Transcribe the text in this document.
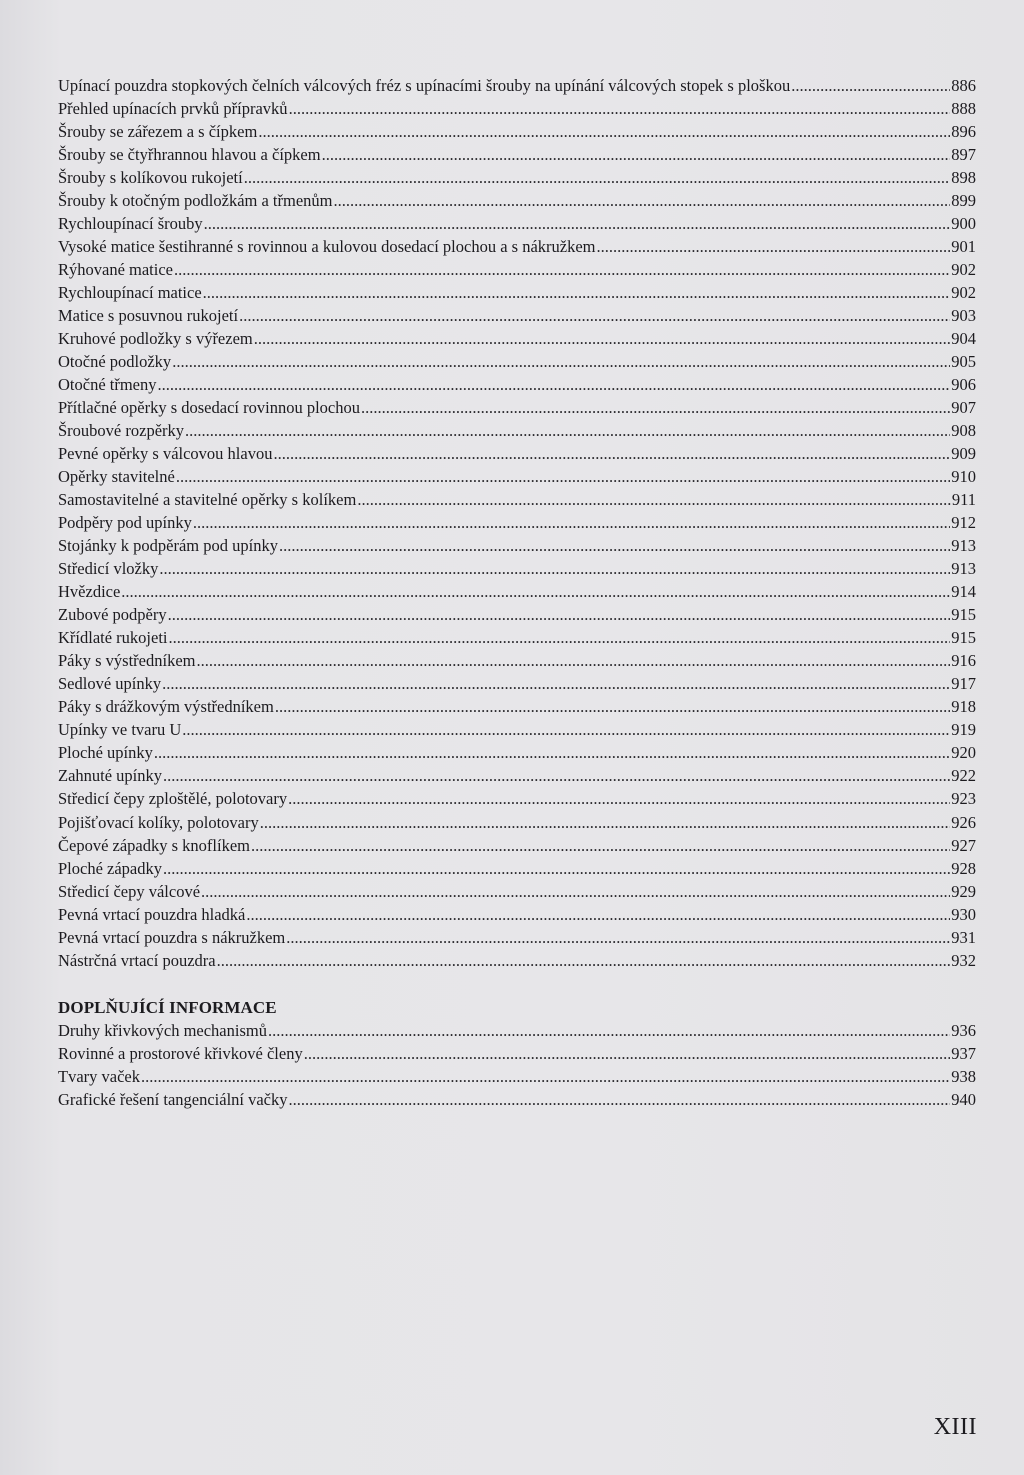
Upínací pouzdra stopkových čelních válcových fréz s upínacími šrouby na upínání válcových stopek s ploškou .....	886
Přehled upínacích prvků přípravků .....	888
Šrouby se zářezem a s čípkem .....	896
Šrouby se čtyřhrannou hlavou a čípkem .....	897
Šrouby s kolíkovou rukojetí .....	898
Šrouby k otočným podložkám a třmenům .....	899
Rychloupínací šrouby .....	900
Vysoké matice šestihranné s rovinnou a kulovou dosedací plochou a s nákružkem .....	901
Rýhované matice .....	902
Rychloupínací matice .....	902
Matice s posuvnou rukojetí .....	903
Kruhové podložky s výřezem .....	904
Otočné podložky .....	905
Otočné třmeny .....	906
Přítlačné opěrky s dosedací rovinnou plochou .....	907
Šroubové rozpěrky .....	908
Pevné opěrky s válcovou hlavou .....	909
Opěrky stavitelné .....	910
Samostavitelné a stavitelné opěrky s kolíkem .....	911
Podpěry pod upínky .....	912
Stojánky k podpěrám pod upínky .....	913
Středicí vložky .....	913
Hvězdice .....	914
Zubové podpěry .....	915
Křídlaté rukojeti .....	915
Páky s výstředníkem .....	916
Sedlové upínky .....	917
Páky s drážkovým výstředníkem .....	918
Upínky ve tvaru U .....	919
Ploché upínky .....	920
Zahnuté upínky .....	922
Středicí čepy zploštělé, polotovary .....	923
Pojišťovací kolíky, polotovary .....	926
Čepové západky s knoflíkem .....	927
Ploché západky .....	928
Středicí čepy válcové .....	929
Pevná vrtací pouzdra hladká .....	930
Pevná vrtací pouzdra s nákružkem .....	931
Nástrčná vrtací pouzdra .....	932
DOPLŇUJÍCÍ INFORMACE
Druhy křivkových mechanismů .....	936
Rovinné a prostorové křivkové členy .....	937
Tvary vaček .....	938
Grafické řešení tangenciální vačky .....	940
XIII
